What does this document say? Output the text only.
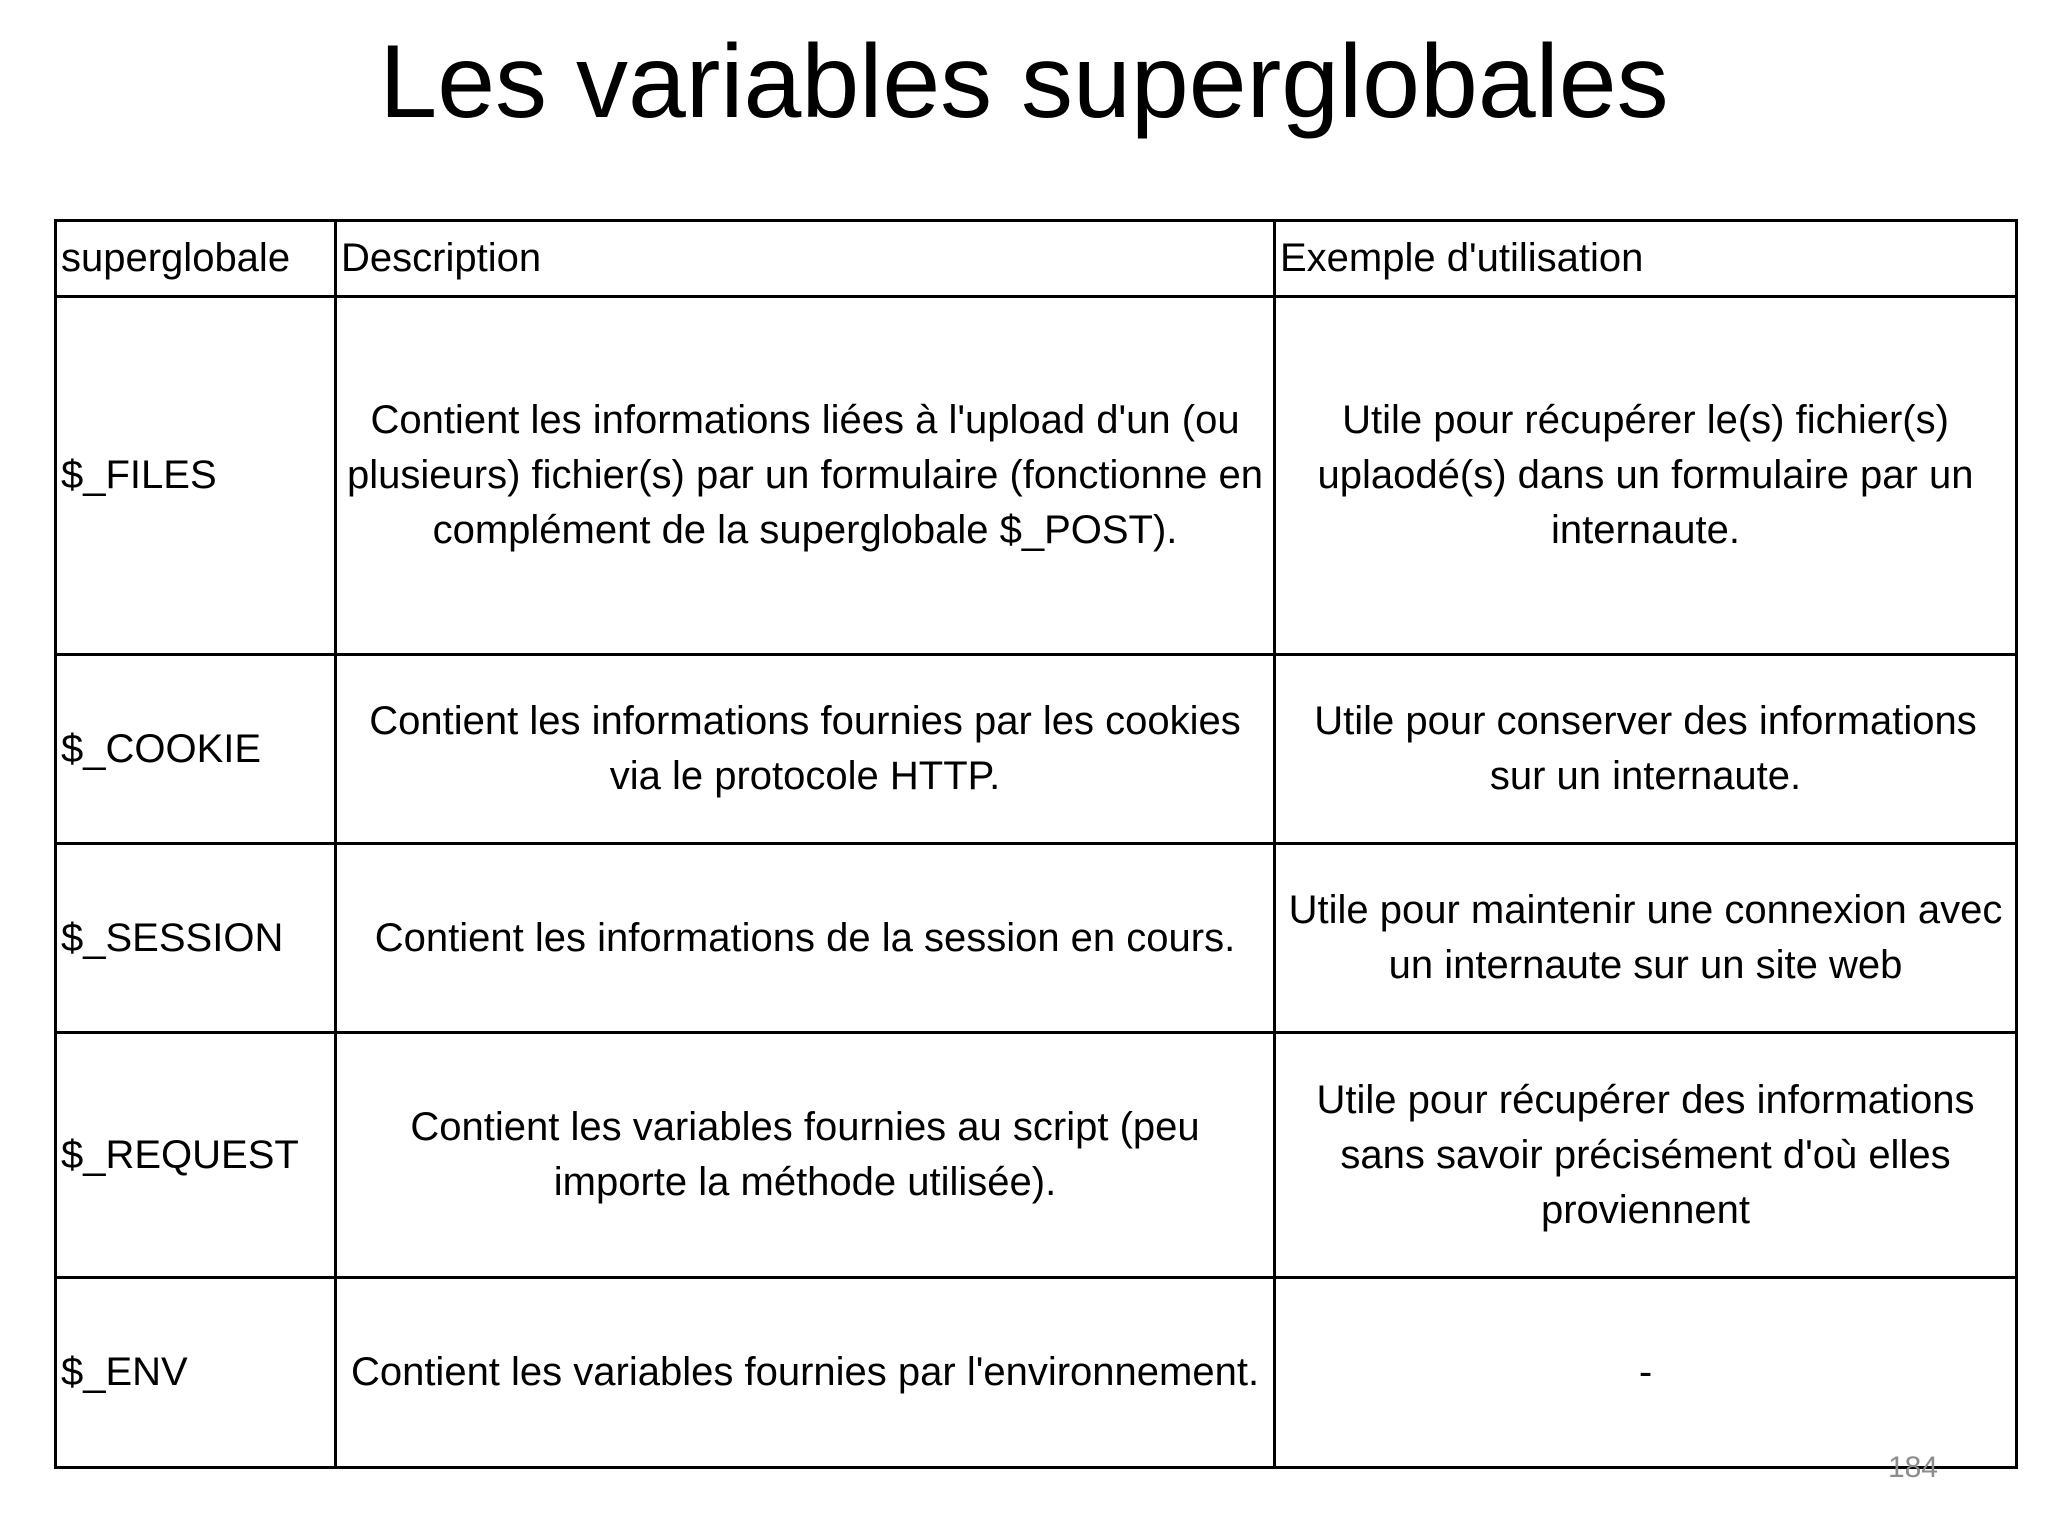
Les variables superglobales
superglobale	Description	Exemple d'utilisation
$_FILES	Contient les informations liées à l'upload d'un (ou plusieurs) fichier(s) par un formulaire (fonctionne en complément de la superglobale $_POST).	Utile pour récupérer le(s) fichier(s) uplaodé(s) dans un formulaire par un internaute.
$_COOKIE	Contient les informations fournies par les cookies via le protocole HTTP.	Utile pour conserver des informations sur un internaute.
$_SESSION	Contient les informations de la session en cours.	Utile pour maintenir une connexion avec un internaute sur un site web
$_REQUEST	Contient les variables fournies au script (peu importe la méthode utilisée).	Utile pour récupérer des informations sans savoir précisément d'où elles proviennent
$_ENV	Contient les variables fournies par l'environnement.	-
184
